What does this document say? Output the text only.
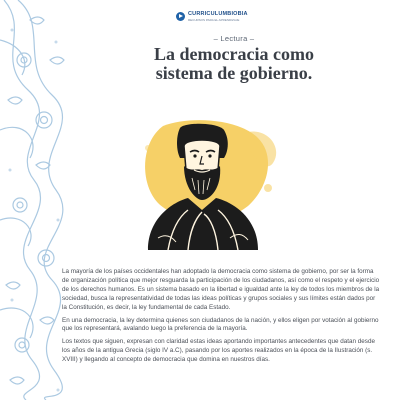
CURRICULUMBIOBIA
RECURSOS PARA EL APRENDIZAJE
– Lectura –
La democracia como
sistema de gobierno.

La mayoría de los países occidentales han adoptado la democracia como sistema de gobierno, por ser la forma de organización política que mejor resguarda la participación de los ciudadanos, así como el respeto y el ejercicio de los derechos humanos. Es un sistema basado en la libertad e igualdad ante la ley de todos los miembros de la sociedad, busca la representatividad de todas las ideas políticas y grupos sociales y sus límites están dados por la Constitución, es decir, la ley fundamental de cada Estado.

En una democracia, la ley determina quienes son ciudadanos de la nación, y ellos eligen por votación al gobierno que los representará, avalando luego la preferencia de la mayoría.

Los textos que siguen, expresan con claridad estas ideas aportando importantes antecedentes que datan desde los años de la antigua Grecia (siglo IV a.C), pasando por los aportes realizados en la época de la Ilustración (s. XVIII) y llegando al concepto de democracia que domina en nuestros días.
